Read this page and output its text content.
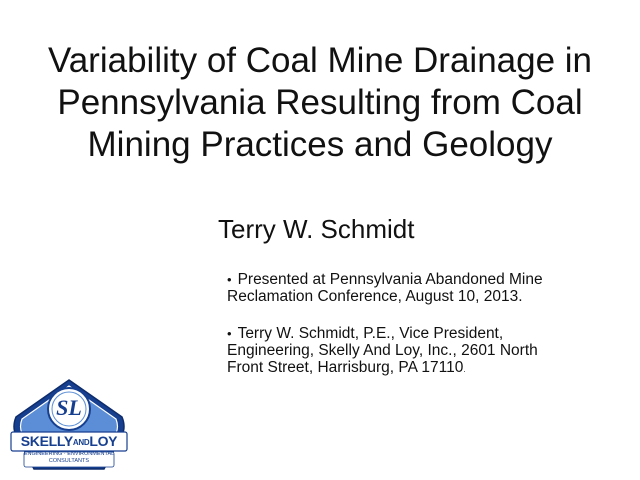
Variability of Coal Mine Drainage in
Pennsylvania Resulting from Coal
Mining Practices and Geology
Terry W. Schmidt
• Presented at Pennsylvania Abandoned Mine
Reclamation Conference, August 10, 2013.
• Terry W. Schmidt, P.E., Vice President,
Engineering, Skelly And Loy, Inc., 2601 North
Front Street, Harrisburg, PA 17110.
SL
SKELLYANDLOY
ENGINEERING · ENVIRONMENTAL
CONSULTANTS
